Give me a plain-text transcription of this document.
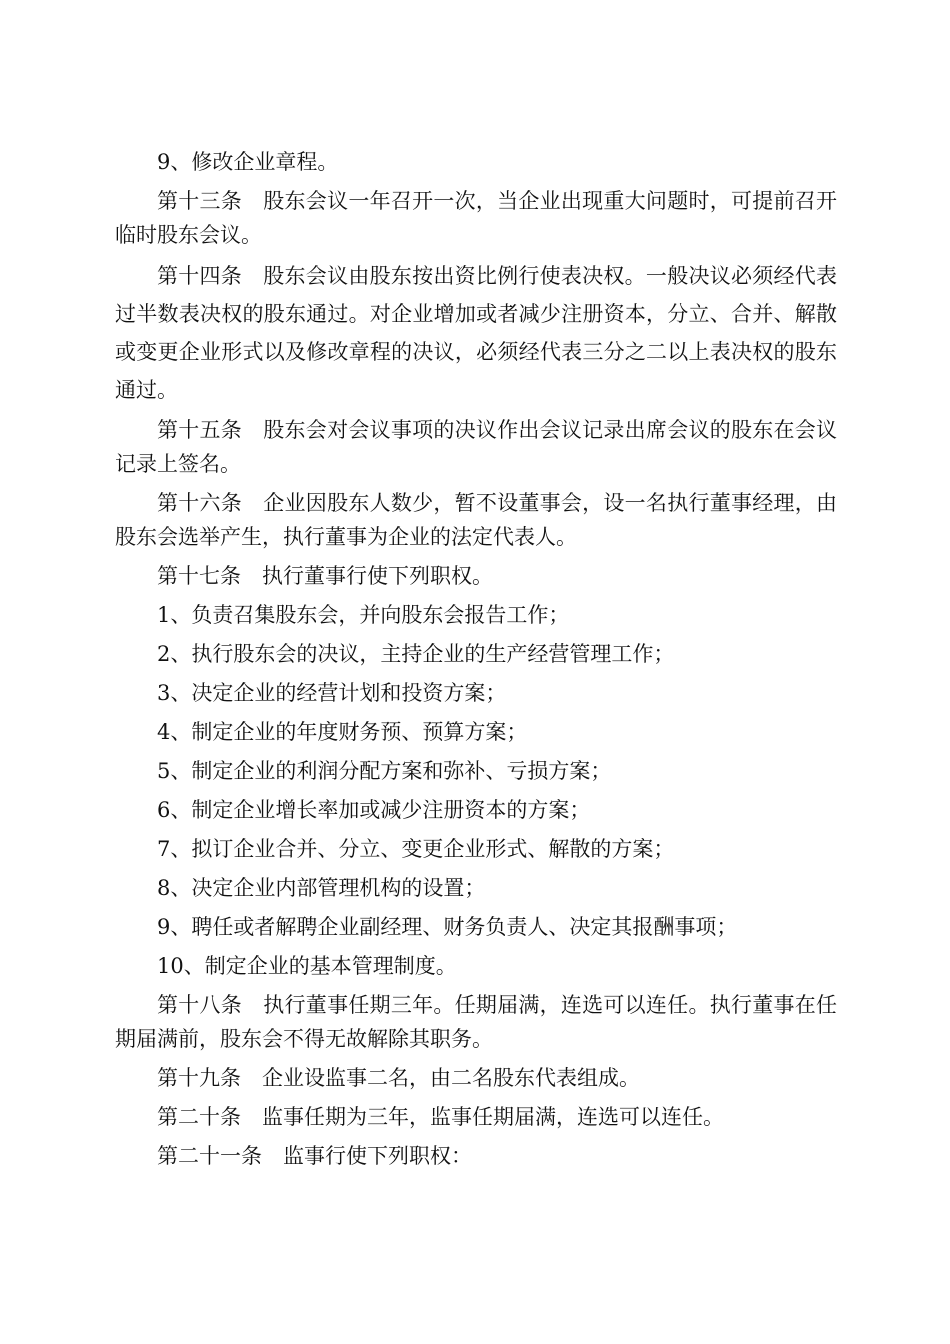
9、修改企业章程。

第十三条　股东会议一年召开一次，当企业出现重大问题时，可提前召开临时股东会议。

第十四条　股东会议由股东按出资比例行使表决权。一般决议必须经代表过半数表决权的股东通过。对企业增加或者减少注册资本，分立、合并、解散或变更企业形式以及修改章程的决议，必须经代表三分之二以上表决权的股东通过。

第十五条　股东会对会议事项的决议作出会议记录出席会议的股东在会议记录上签名。

第十六条　企业因股东人数少，暂不设董事会，设一名执行董事经理，由股东会选举产生，执行董事为企业的法定代表人。

第十七条　执行董事行使下列职权。

1、负责召集股东会，并向股东会报告工作；

2、执行股东会的决议，主持企业的生产经营管理工作；

3、决定企业的经营计划和投资方案；

4、制定企业的年度财务预、预算方案；

5、制定企业的利润分配方案和弥补、亏损方案；

6、制定企业增长率加或减少注册资本的方案；

7、拟订企业合并、分立、变更企业形式、解散的方案；

8、决定企业内部管理机构的设置；

9、聘任或者解聘企业副经理、财务负责人、决定其报酬事项；

10、制定企业的基本管理制度。

第十八条　执行董事任期三年。任期届满，连选可以连任。执行董事在任期届满前，股东会不得无故解除其职务。

第十九条　企业设监事二名，由二名股东代表组成。

第二十条　监事任期为三年，监事任期届满，连选可以连任。

第二十一条　监事行使下列职权：
